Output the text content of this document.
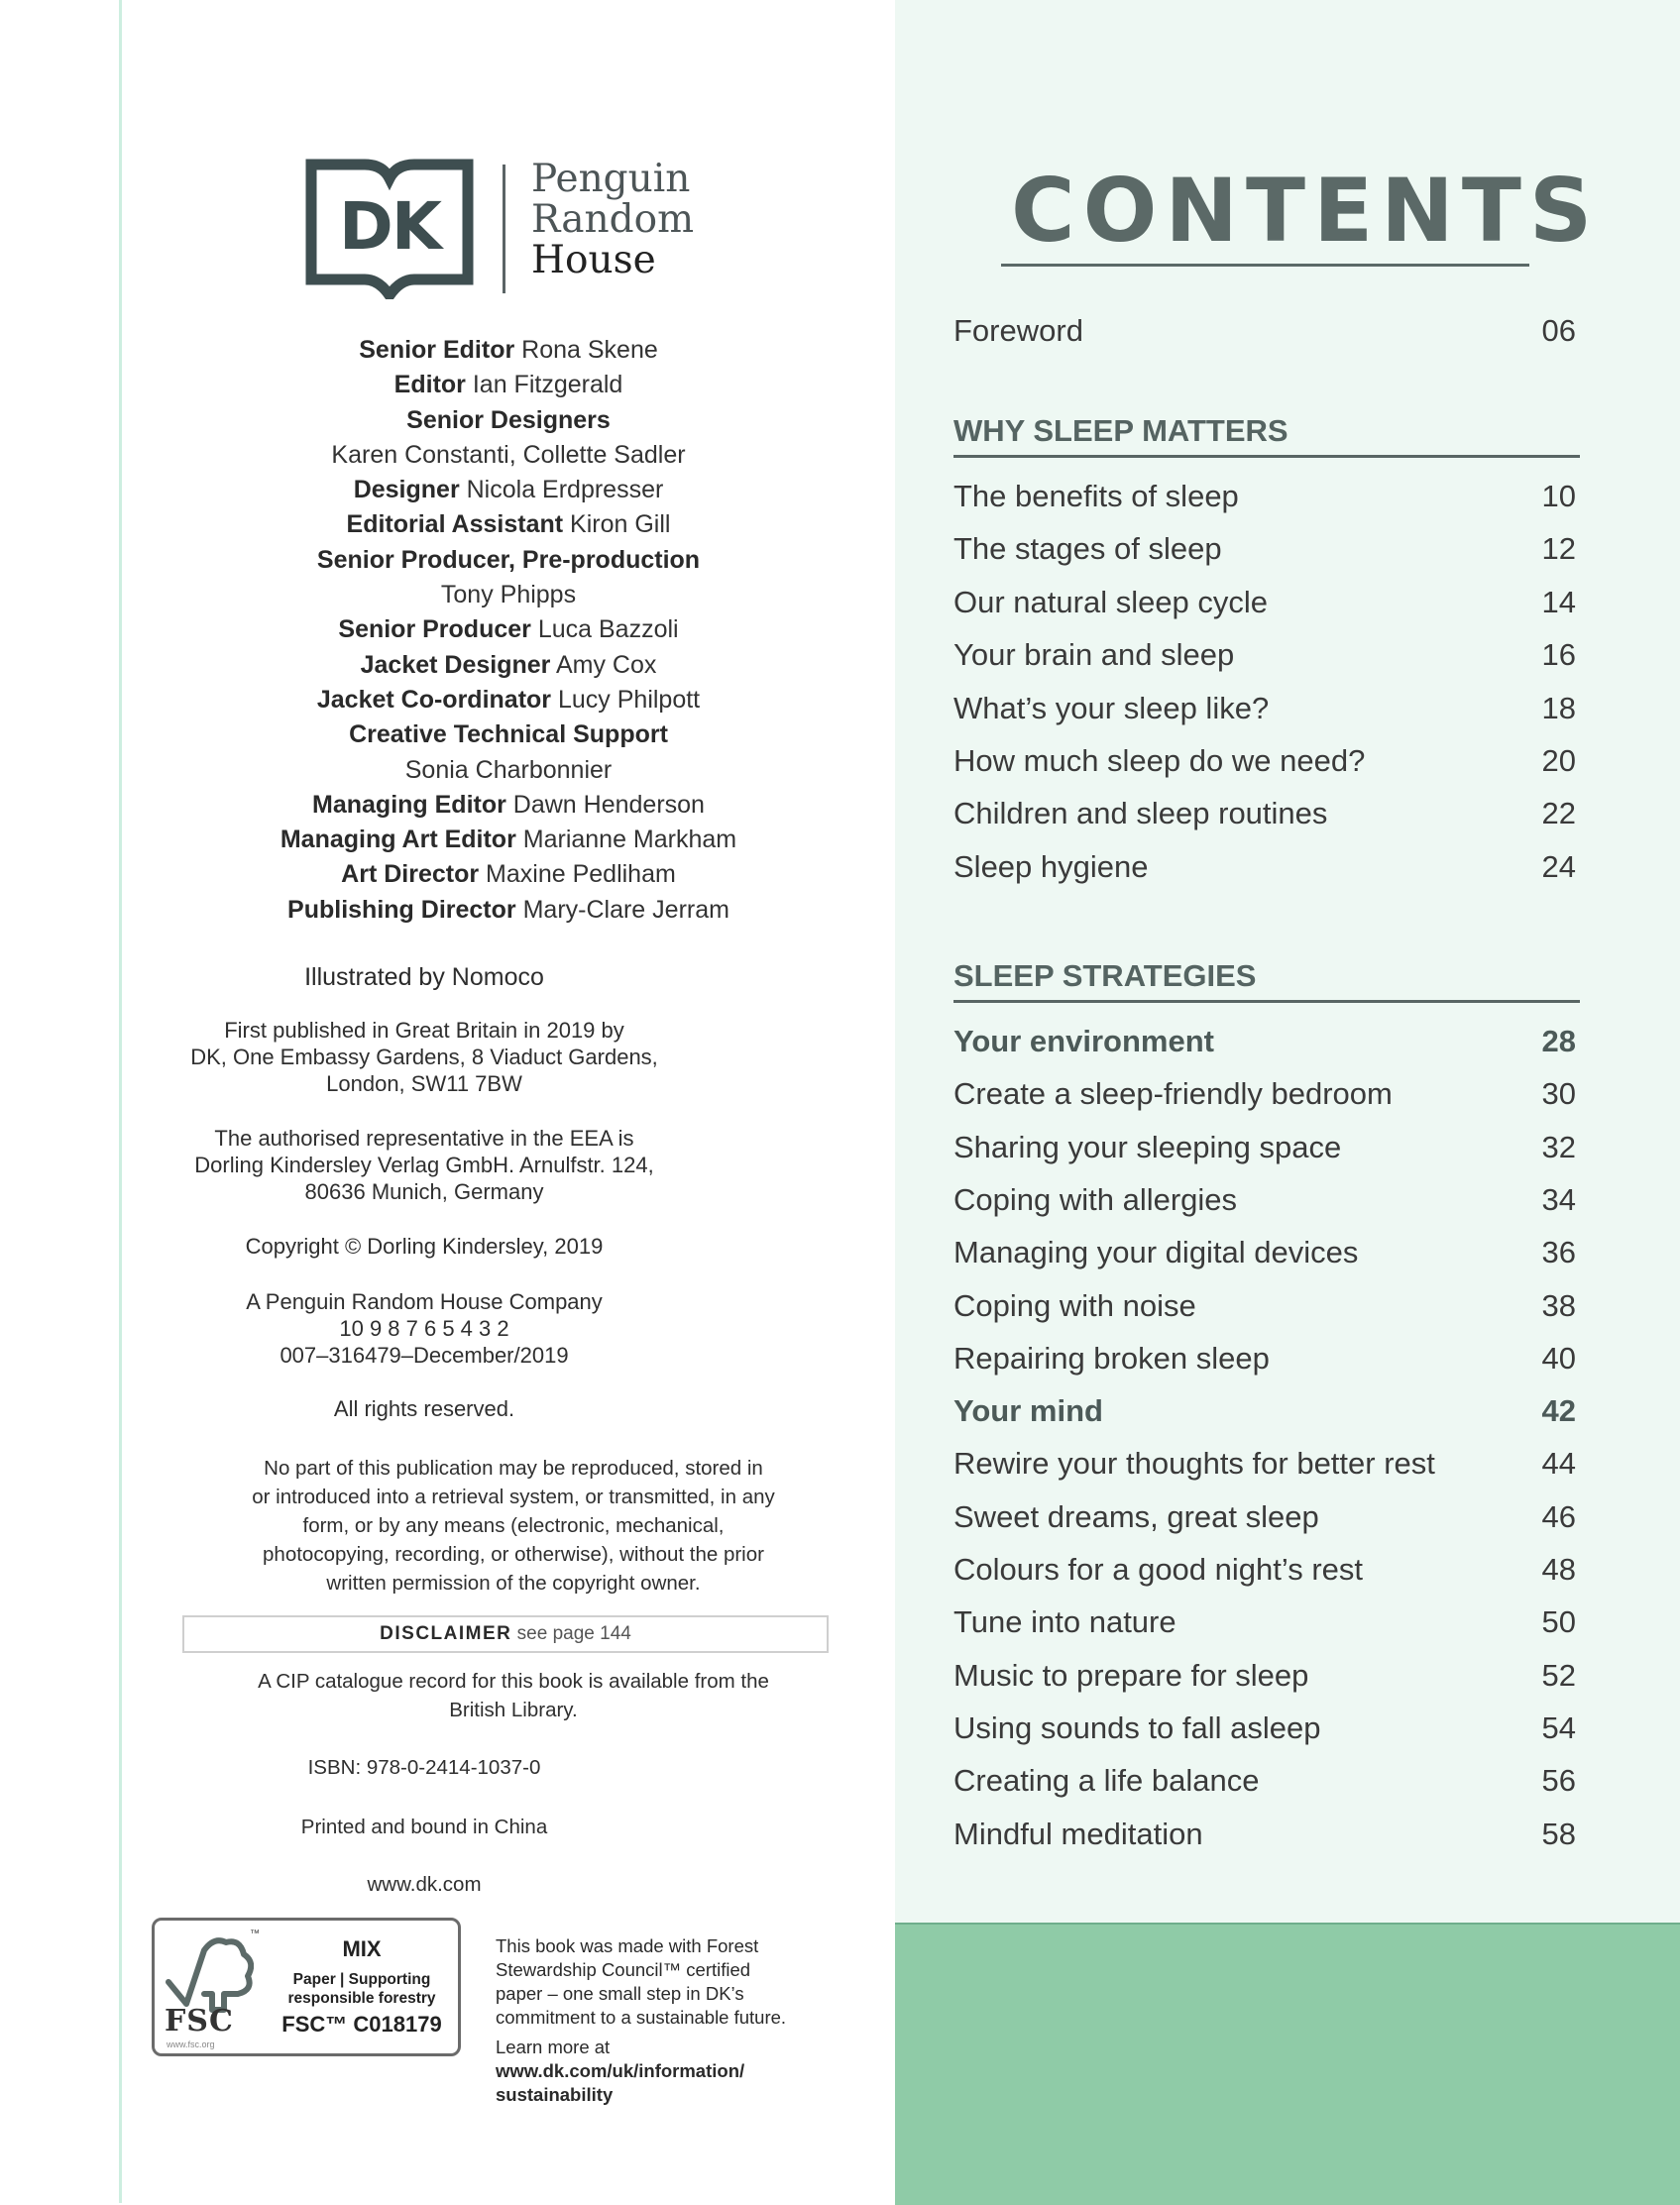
DK
Penguin
Random
House
Senior Editor Rona Skene
Editor Ian Fitzgerald
Senior Designers
Karen Constanti, Collette Sadler
Designer Nicola Erdpresser
Editorial Assistant Kiron Gill
Senior Producer, Pre-production
Tony Phipps
Senior Producer Luca Bazzoli
Jacket Designer Amy Cox
Jacket Co-ordinator Lucy Philpott
Creative Technical Support
Sonia Charbonnier
Managing Editor Dawn Henderson
Managing Art Editor Marianne Markham
Art Director Maxine Pedliham
Publishing Director Mary-Clare Jerram
Illustrated by Nomoco
First published in Great Britain in 2019 by
DK, One Embassy Gardens, 8 Viaduct Gardens,
London, SW11 7BW
The authorised representative in the EEA is
Dorling Kindersley Verlag GmbH. Arnulfstr. 124,
80636 Munich, Germany
Copyright © Dorling Kindersley, 2019
A Penguin Random House Company
10 9 8 7 6 5 4 3 2
007–316479–December/2019
All rights reserved.
No part of this publication may be reproduced, stored in
or introduced into a retrieval system, or transmitted, in any
form, or by any means (electronic, mechanical,
photocopying, recording, or otherwise), without the prior
written permission of the copyright owner.
DISCLAIMER see page 144
A CIP catalogue record for this book is available from the
British Library.
ISBN: 978-0-2414-1037-0
Printed and bound in China
www.dk.com
™
FSC
www.fsc.org
MIX
Paper | Supporting
responsible forestry
FSC™ C018179
This book was made with Forest
Stewardship Council™ certified
paper – one small step in DK’s
commitment to a sustainable future.
Learn more at
www.dk.com/uk/information/
sustainability
CONTENTS
Foreword	06
WHY SLEEP MATTERS
The benefits of sleep	10
The stages of sleep	12
Our natural sleep cycle	14
Your brain and sleep	16
What’s your sleep like?	18
How much sleep do we need?	20
Children and sleep routines	22
Sleep hygiene	24
SLEEP STRATEGIES
Your environment	28
Create a sleep-friendly bedroom	30
Sharing your sleeping space	32
Coping with allergies	34
Managing your digital devices	36
Coping with noise	38
Repairing broken sleep	40
Your mind	42
Rewire your thoughts for better rest	44
Sweet dreams, great sleep	46
Colours for a good night’s rest	48
Tune into nature	50
Music to prepare for sleep	52
Using sounds to fall asleep	54
Creating a life balance	56
Mindful meditation	58
